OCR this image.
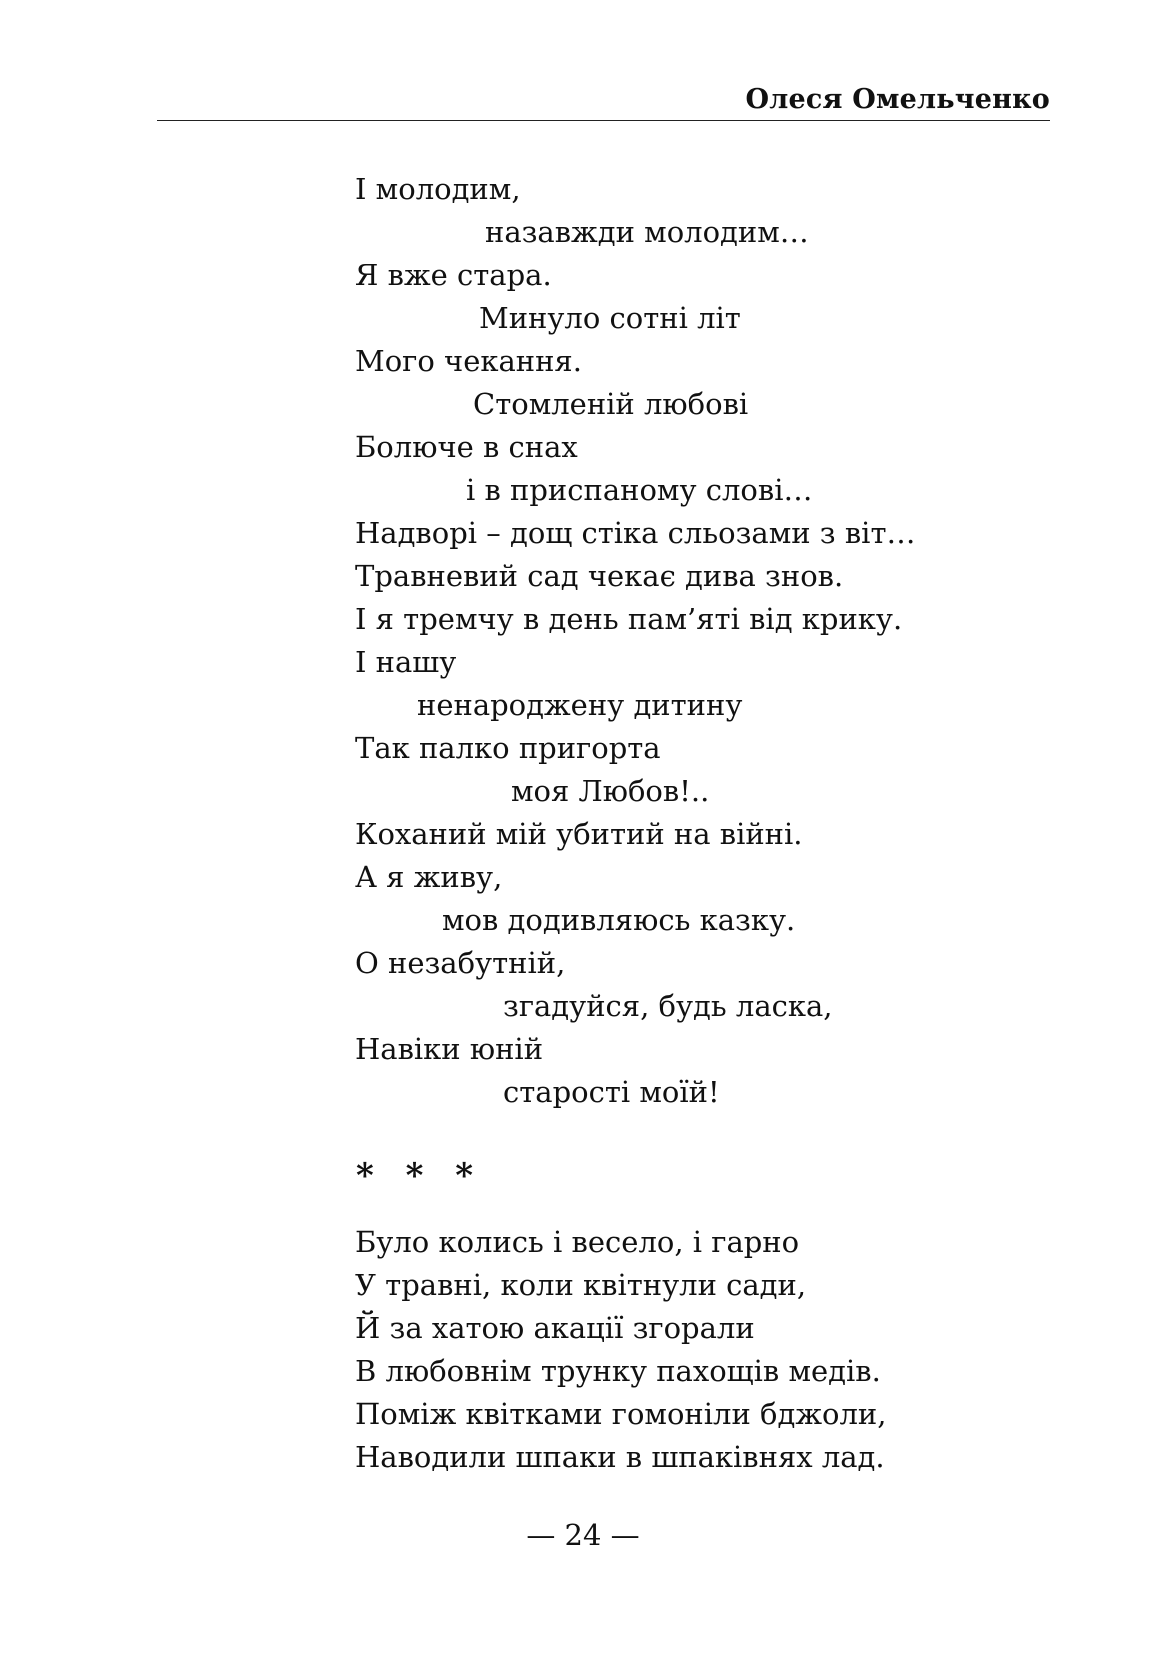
Олеся Омельченко
І молодим,
назавжди молодим…
Я вже стара.
Минуло сотні літ
Мого чекання.
Стомленій любові
Болюче в снах
і в приспаному слові…
Надворі – дощ стіка сльозами з віт…
Травневий сад чекає дива знов.
І я тремчу в день пам’яті від крику.
І нашу
ненароджену дитину
Так палко пригорта
моя Любов!..
Коханий мій убитий на війні.
А я живу,
мов додивляюсь казку.
О незабутній,
згадуйся, будь ласка,
Навіки юній
старості моїй!
* * *
Було колись і весело, і гарно
У травні, коли квітнули сади,
Й за хатою акації згорали
В любовнім трунку пахощів медів.
Поміж квітками гомоніли бджоли,
Наводили шпаки в шпаківнях лад.
— 24 —
